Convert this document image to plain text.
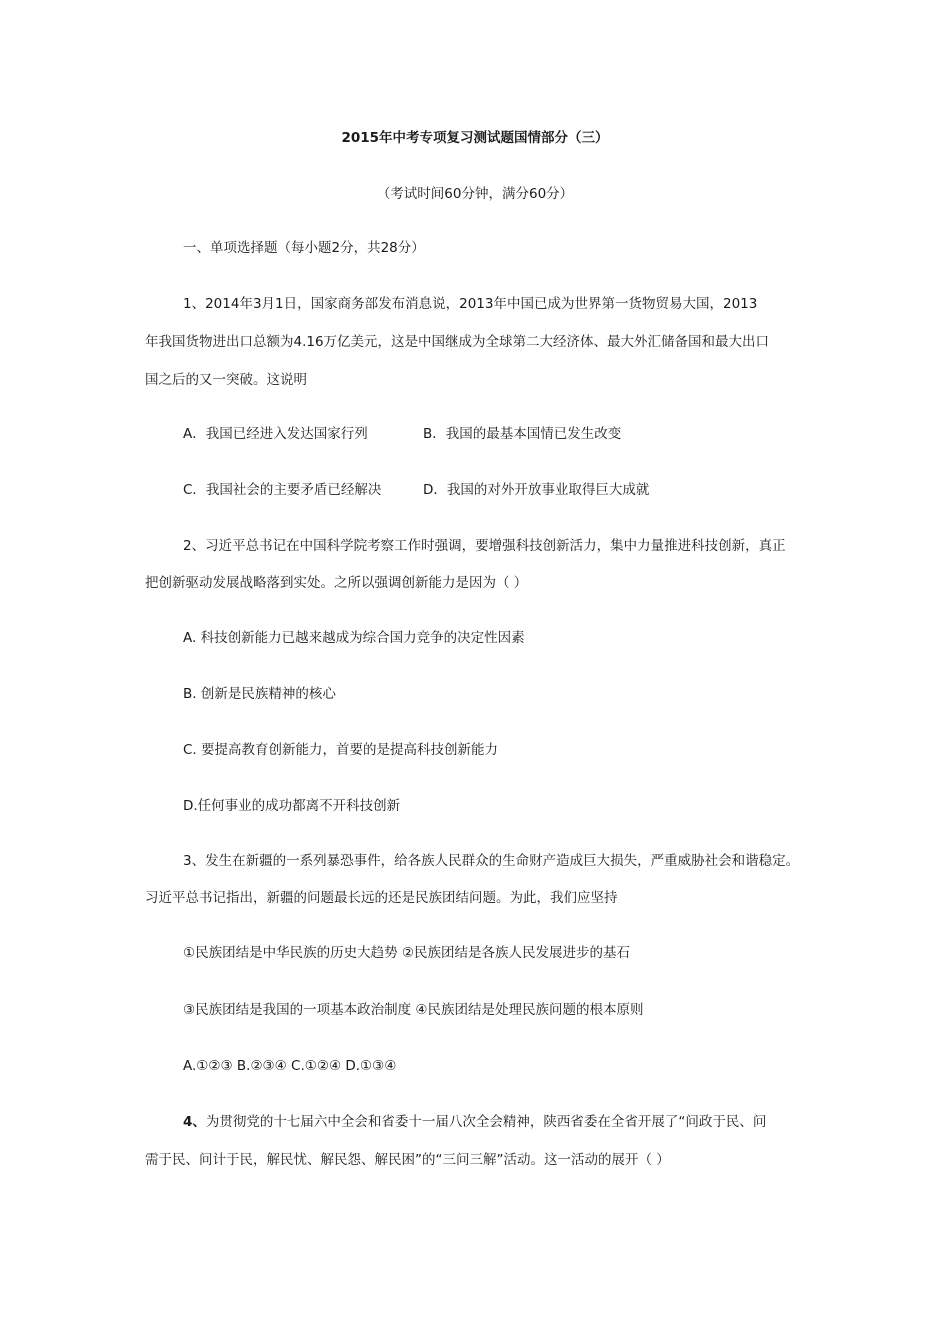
2015年中考专项复习测试题国情部分（三）
（考试时间60分钟，满分60分）
一、单项选择题（每小题2分，共28分）
1、2014年3月1日，国家商务部发布消息说，2013年中国已成为世界第一货物贸易大国，2013
年我国货物进出口总额为4.16万亿美元，这是中国继成为全球第二大经济体、最大外汇储备国和最大出口
国之后的又一突破。这说明
A．我国已经进入发达国家行列	B．我国的最基本国情已发生改变
C．我国社会的主要矛盾已经解决	D．我国的对外开放事业取得巨大成就
2、习近平总书记在中国科学院考察工作时强调，要增强科技创新活力，集中力量推进科技创新，真正
把创新驱动发展战略落到实处。之所以强调创新能力是因为（ ）
A. 科技创新能力已越来越成为综合国力竞争的决定性因素
B. 创新是民族精神的核心
C. 要提高教育创新能力，首要的是提高科技创新能力
D.任何事业的成功都离不开科技创新
3、发生在新疆的一系列暴恐事件，给各族人民群众的生命财产造成巨大损失，严重威胁社会和谐稳定。
习近平总书记指出，新疆的问题最长远的还是民族团结问题。为此，我们应坚持
①民族团结是中华民族的历史大趋势 ②民族团结是各族人民发展进步的基石
③民族团结是我国的一项基本政治制度 ④民族团结是处理民族问题的根本原则
A.①②③ B.②③④ C.①②④ D.①③④
4、为贯彻党的十七届六中全会和省委十一届八次全会精神，陕西省委在全省开展了“问政于民、问
需于民、问计于民，解民忧、解民怨、解民困”的“三问三解”活动。这一活动的展开（ ）
